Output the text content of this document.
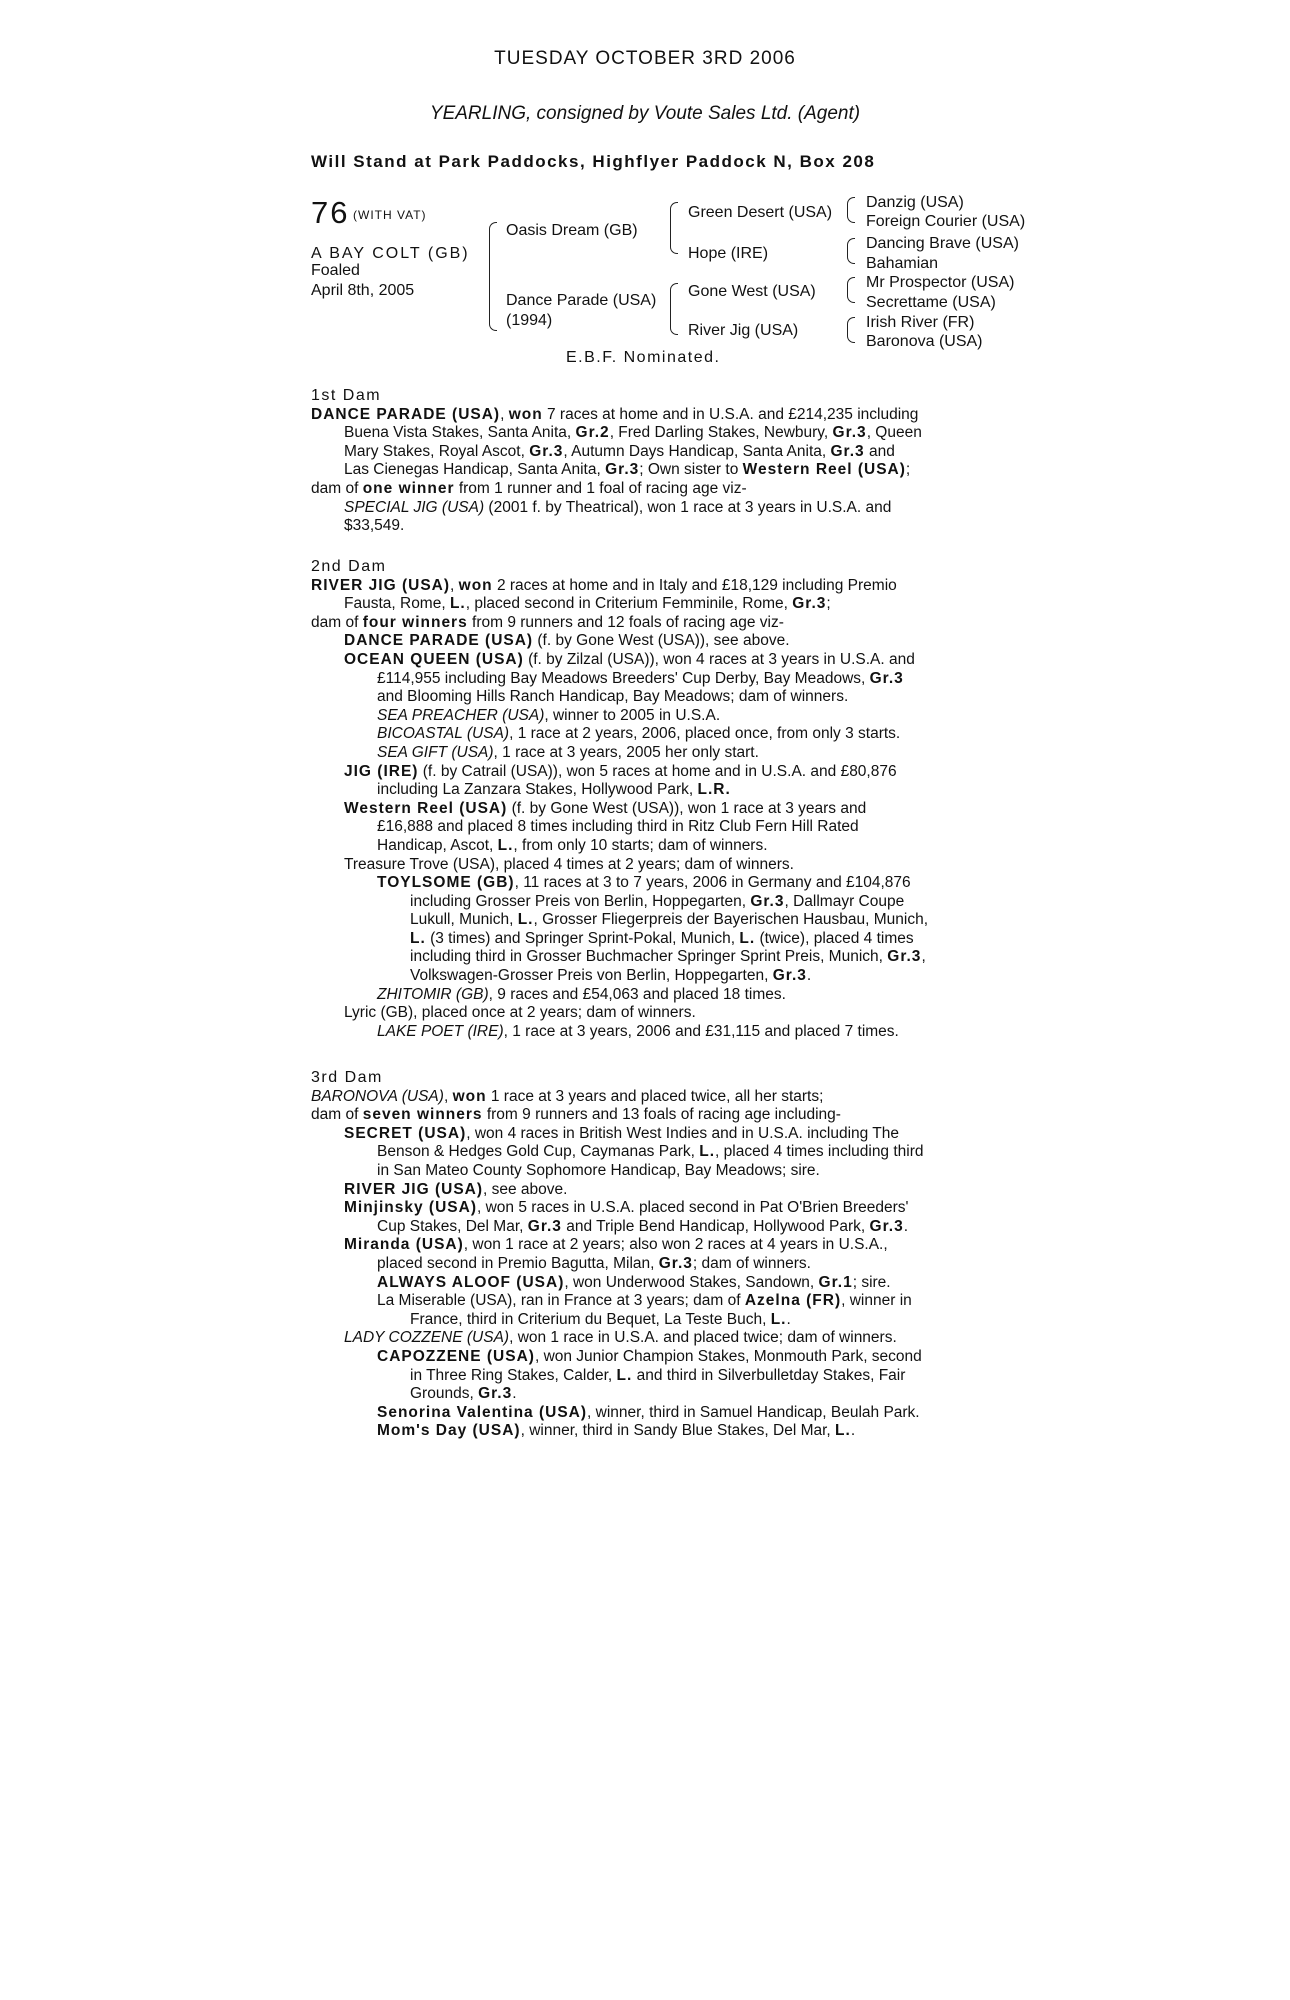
TUESDAY OCTOBER 3RD 2006
YEARLING, consigned by Voute Sales Ltd. (Agent)
Will Stand at Park Paddocks, Highflyer Paddock N, Box 208
76 (WITH VAT)
A BAY COLT (GB)
Foaled
April 8th, 2005
Oasis Dream (GB)
Dance Parade (USA)
(1994)
Green Desert (USA)
Hope (IRE)
Gone West (USA)
River Jig (USA)
Danzig (USA)
Foreign Courier (USA)
Dancing Brave (USA)
Bahamian
Mr Prospector (USA)
Secrettame (USA)
Irish River (FR)
Baronova (USA)
E.B.F. Nominated.
1st Dam
DANCE PARADE (USA), won 7 races at home and in U.S.A. and £214,235 including
Buena Vista Stakes, Santa Anita, Gr.2, Fred Darling Stakes, Newbury, Gr.3, Queen
Mary Stakes, Royal Ascot, Gr.3, Autumn Days Handicap, Santa Anita, Gr.3 and
Las Cienegas Handicap, Santa Anita, Gr.3; Own sister to Western Reel (USA);
dam of one winner from 1 runner and 1 foal of racing age viz-
SPECIAL JIG (USA) (2001 f. by Theatrical), won 1 race at 3 years in U.S.A. and
$33,549.
2nd Dam
RIVER JIG (USA), won 2 races at home and in Italy and £18,129 including Premio
Fausta, Rome, L., placed second in Criterium Femminile, Rome, Gr.3;
dam of four winners from 9 runners and 12 foals of racing age viz-
DANCE PARADE (USA) (f. by Gone West (USA)), see above.
OCEAN QUEEN (USA) (f. by Zilzal (USA)), won 4 races at 3 years in U.S.A. and
£114,955 including Bay Meadows Breeders' Cup Derby, Bay Meadows, Gr.3
and Blooming Hills Ranch Handicap, Bay Meadows; dam of winners.
SEA PREACHER (USA), winner to 2005 in U.S.A.
BICOASTAL (USA), 1 race at 2 years, 2006, placed once, from only 3 starts.
SEA GIFT (USA), 1 race at 3 years, 2005 her only start.
JIG (IRE) (f. by Catrail (USA)), won 5 races at home and in U.S.A. and £80,876
including La Zanzara Stakes, Hollywood Park, L.R.
Western Reel (USA) (f. by Gone West (USA)), won 1 race at 3 years and
£16,888 and placed 8 times including third in Ritz Club Fern Hill Rated
Handicap, Ascot, L., from only 10 starts; dam of winners.
Treasure Trove (USA), placed 4 times at 2 years; dam of winners.
TOYLSOME (GB), 11 races at 3 to 7 years, 2006 in Germany and £104,876
including Grosser Preis von Berlin, Hoppegarten, Gr.3, Dallmayr Coupe
Lukull, Munich, L., Grosser Fliegerpreis der Bayerischen Hausbau, Munich,
L. (3 times) and Springer Sprint-Pokal, Munich, L. (twice), placed 4 times
including third in Grosser Buchmacher Springer Sprint Preis, Munich, Gr.3,
Volkswagen-Grosser Preis von Berlin, Hoppegarten, Gr.3.
ZHITOMIR (GB), 9 races and £54,063 and placed 18 times.
Lyric (GB), placed once at 2 years; dam of winners.
LAKE POET (IRE), 1 race at 3 years, 2006 and £31,115 and placed 7 times.
3rd Dam
BARONOVA (USA), won 1 race at 3 years and placed twice, all her starts;
dam of seven winners from 9 runners and 13 foals of racing age including-
SECRET (USA), won 4 races in British West Indies and in U.S.A. including The
Benson & Hedges Gold Cup, Caymanas Park, L., placed 4 times including third
in San Mateo County Sophomore Handicap, Bay Meadows; sire.
RIVER JIG (USA), see above.
Minjinsky (USA), won 5 races in U.S.A. placed second in Pat O'Brien Breeders'
Cup Stakes, Del Mar, Gr.3 and Triple Bend Handicap, Hollywood Park, Gr.3.
Miranda (USA), won 1 race at 2 years; also won 2 races at 4 years in U.S.A.,
placed second in Premio Bagutta, Milan, Gr.3; dam of winners.
ALWAYS ALOOF (USA), won Underwood Stakes, Sandown, Gr.1; sire.
La Miserable (USA), ran in France at 3 years; dam of Azelna (FR), winner in
France, third in Criterium du Bequet, La Teste Buch, L..
LADY COZZENE (USA), won 1 race in U.S.A. and placed twice; dam of winners.
CAPOZZENE (USA), won Junior Champion Stakes, Monmouth Park, second
in Three Ring Stakes, Calder, L. and third in Silverbulletday Stakes, Fair
Grounds, Gr.3.
Senorina Valentina (USA), winner, third in Samuel Handicap, Beulah Park.
Mom's Day (USA), winner, third in Sandy Blue Stakes, Del Mar, L..
